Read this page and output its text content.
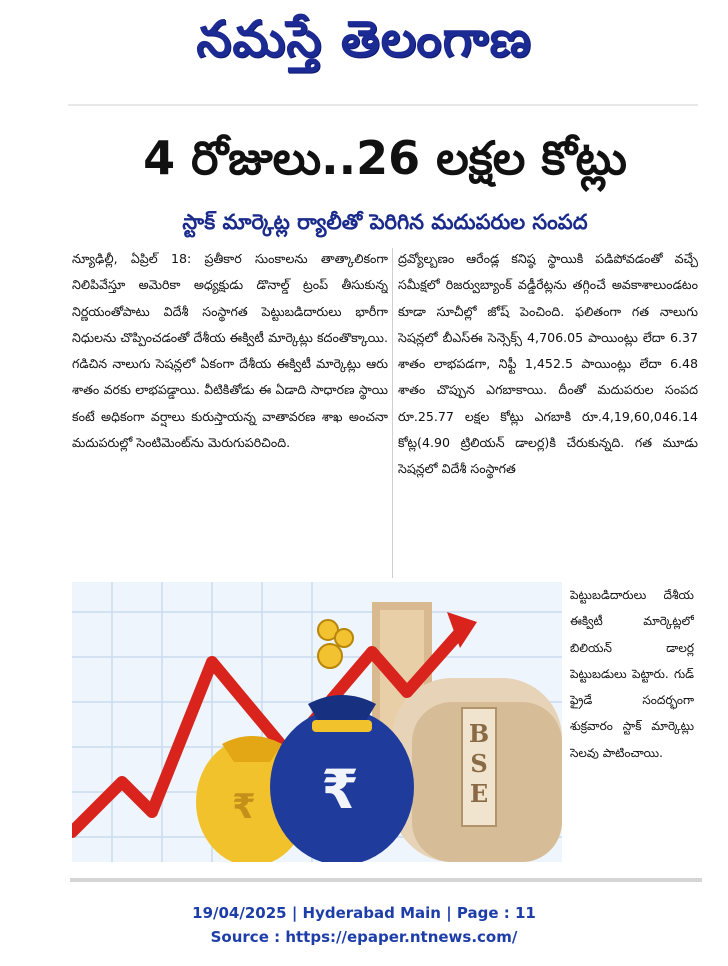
నమస్తే తెలంగాణ
4 రోజులు..26 లక్షల కోట్లు
స్టాక్ మార్కెట్ల ర్యాలీతో పెరిగిన మదుపరుల సంపద
న్యూఢిల్లీ, ఏప్రిల్ 18: ప్రతీకార సుంకాలను తాత్కాలికంగా నిలిపివేస్తూ అమెరికా అధ్యక్షుడు డొనాల్డ్ ట్రంప్ తీసుకున్న నిర్ణయంతోపాటు విదేశీ సంస్థాగత పెట్టుబడిదారులు భారీగా నిధులను చొప్పించడంతో దేశీయ ఈక్విటీ మార్కెట్లు కదంతొక్కాయి. గడిచిన నాలుగు సెషన్లలో ఏకంగా దేశీయ ఈక్విటీ మార్కెట్లు ఆరు శాతం వరకు లాభపడ్డాయి. వీటికితోడు ఈ ఏడాది సాధారణ స్థాయి కంటే అధికంగా వర్షాలు కురుస్తాయన్న వాతావరణ శాఖ అంచనా మదుపరుల్లో సెంటిమెంట్‌ను మెరుగుపరిచింది.
ద్రవ్యోల్బణం ఆరేండ్ల కనిష్ఠ స్థాయికి పడిపోవడంతో వచ్చే సమీక్షలో రిజర్వుబ్యాంక్ వడ్డీరేట్లను తగ్గించే అవకాశాలుండటం కూడా సూచీల్లో జోష్ పెంచింది. ఫలితంగా గత నాలుగు సెషన్లలో బీఎస్‌ఈ సెన్సెక్స్ 4,706.05 పాయింట్లు లేదా 6.37 శాతం లాభపడగా, నిఫ్టీ 1,452.5 పాయింట్లు లేదా 6.48 శాతం చొప్పున ఎగబాకాయి. దీంతో మదుపరుల సంపద రూ.25.77 లక్షల కోట్లు ఎగబాకి రూ.4,19,60,046.14 కోట్ల(4.90 ట్రిలియన్ డాలర్ల)కి చేరుకున్నది. గత మూడు సెషన్లలో విదేశీ సంస్థాగత
B
S
E
₹ ₹
పెట్టుబడిదారులు దేశీయ ఈక్విటీ మార్కెట్లలో బిలియన్ డాలర్ల పెట్టుబడులు పెట్టారు. గుడ్ ఫ్రైడే సందర్భంగా శుక్రవారం స్టాక్ మార్కెట్లు సెలవు పాటించాయి.
19/04/2025 | Hyderabad Main | Page : 11
Source : https://epaper.ntnews.com/
